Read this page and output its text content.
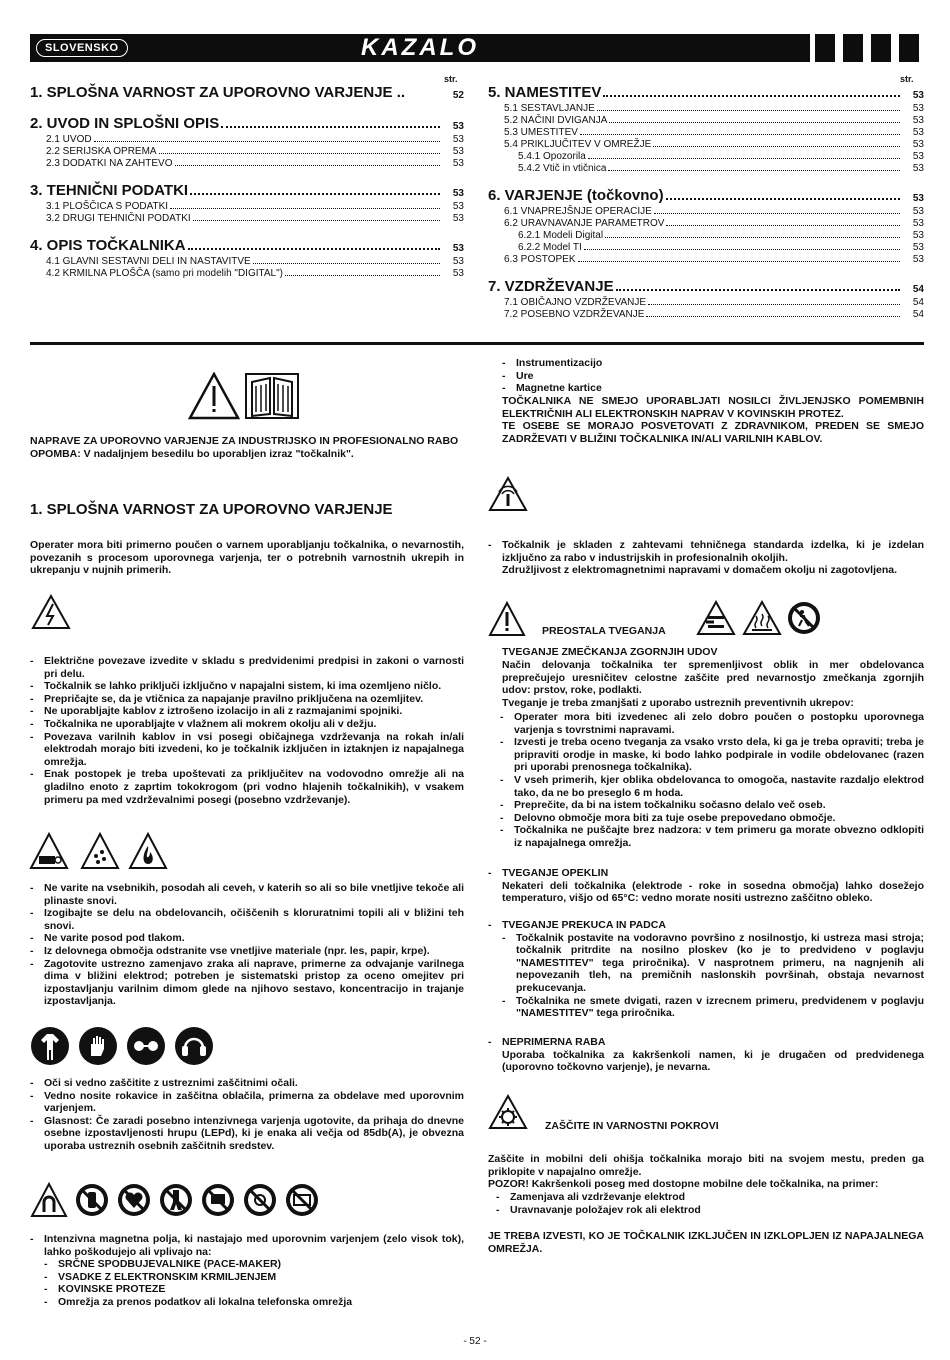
SLOVENSKO	KAZALO
str.	str.
1. SPLOŠNA VARNOST ZA UPOROVNO VARJENJE ..	52
2. UVOD IN SPLOŠNI OPIS	53
2.1 UVOD	53
2.2 SERIJSKA OPREMA	53
2.3 DODATKI NA ZAHTEVO	53
3. TEHNIČNI PODATKI	53
3.1 PLOŠČICA S PODATKI	53
3.2 DRUGI TEHNIČNI PODATKI	53
4. OPIS TOČKALNIKA	53
4.1 GLAVNI SESTAVNI DELI IN NASTAVITVE	53
4.2 KRMILNA PLOŠČA (samo pri modelih "DIGITAL")	53
5. NAMESTITEV	53
5.1 SESTAVLJANJE	53
5.2 NAČINI DVIGANJA	53
5.3 UMESTITEV	53
5.4 PRIKLJUČITEV V OMREŽJE	53
5.4.1 Opozorila	53
5.4.2 Vtič in vtičnica	53
6. VARJENJE (točkovno)	53
6.1 VNAPREJŠNJE OPERACIJE	53
6.2 URAVNAVANJE PARAMETROV	53
6.2.1 Modeli Digital	53
6.2.2 Model TI	53
6.3 POSTOPEK	53
7. VZDRŽEVANJE	54
7.1 OBIČAJNO VZDRŽEVANJE	54
7.2 POSEBNO VZDRŽEVANJE	54

NAPRAVE ZA UPOROVNO VARJENJE ZA INDUSTRIJSKO IN PROFESIONALNO RABO

OPOMBA: V nadaljnjem besedilu bo uporabljen izraz "točkalnik".

1. SPLOŠNA VARNOST ZA UPOROVNO VARJENJE

Operater mora biti primerno poučen o varnem uporabljanju točkalnika, o nevarnostih, povezanih s procesom uporovnega varjenja, ter o potrebnih varnostnih ukrepih in ukrepanju v nujnih primerih.

- Električne povezave izvedite v skladu s predvidenimi predpisi in zakoni o varnosti pri delu.
- Točkalnik se lahko priključi izključno v napajalni sistem, ki ima ozemljeno ničlo.
- Prepričajte se, da je vtičnica za napajanje pravilno priključena na ozemljitev.
- Ne uporabljajte kablov z iztrošeno izolacijo in ali z razmajanimi spojniki.
- Točkalnika ne uporabljajte v vlažnem ali mokrem okolju ali v dežju.
- Povezava varilnih kablov in vsi posegi običajnega vzdrževanja na rokah in/ali elektrodah morajo biti izvedeni, ko je točkalnik izključen in iztaknjen iz napajalnega omrežja.
- Enak postopek je treba upoštevati za priključitev na vodovodno omrežje ali na gladilno enoto z zaprtim tokokrogom (pri vodno hlajenih točkalnikih), v vsakem primeru pa med vzdrževalnimi posegi (posebno vzdrževanje).
- Ne varite na vsebnikih, posodah ali ceveh, v katerih so ali so bile vnetljive tekoče ali plinaste snovi.
- Izogibajte se delu na obdelovancih, očiščenih s kloruratnimi topili ali v bližini teh snovi.
- Ne varite posod pod tlakom.
- Iz delovnega območja odstranite vse vnetljive materiale (npr. les, papir, krpe).
- Zagotovite ustrezno zamenjavo zraka ali naprave, primerne za odvajanje varilnega dima v bližini elektrod; potreben je sistematski pristop za oceno omejitev pri izpostavljanju varilnim dimom glede na njihovo sestavo, koncentracijo in trajanje izpostavljanja.
- Oči si vedno zaščitite z ustreznimi zaščitnimi očali.
- Vedno nosite rokavice in zaščitna oblačila, primerna za obdelave med uporovnim varjenjem.
- Glasnost: Če zaradi posebno intenzivnega varjenja ugotovite, da prihaja do dnevne osebne izpostavljenosti hrupu (LEPd), ki je enaka ali večja od 85db(A), je obvezna uporaba ustreznih osebnih zaščitnih sredstev.
- Intenzivna magnetna polja, ki nastajajo med uporovnim varjenjem (zelo visok tok), lahko poškodujejo ali vplivajo na:
- SRČNE SPODBUJEVALNIKE (PACE-MAKER)
- VSADKE Z ELEKTRONSKIM KRMILJENJEM
- KOVINSKE PROTEZE
- Omrežja za prenos podatkov ali lokalna telefonska omrežja
- Instrumentizacijo
- Ure
- Magnetne kartice

TOČKALNIKA NE SMEJO UPORABLJATI NOSILCI ŽIVLJENJSKO POMEMBNIH ELEKTRIČNIH ALI ELEKTRONSKIH NAPRAV V KOVINSKIH PROTEZ.

TE OSEBE SE MORAJO POSVETOVATI Z ZDRAVNIKOM, PREDEN SE SMEJO ZADRŽEVATI V BLIŽINI TOČKALNIKA IN/ALI VARILNIH KABLOV.

- Točkalnik je skladen z zahtevami tehničnega standarda izdelka, ki je izdelan izključno za rabo v industrijskih in profesionalnih okoljih.
Združljivost z elektromagnetnimi napravami v domačem okolju ni zagotovljena.
PREOSTALA TVEGANJA
TVEGANJE ZMEČKANJA ZGORNJIH UDOV

Način delovanja točkalnika ter spremenljivost oblik in mer obdelovanca preprečujejo uresničitev celostne zaščite pred nevarnostjo zmečkanja zgornjih udov: prstov, roke, podlakti.

Tveganje je treba zmanjšati z uporabo ustreznih preventivnih ukrepov:

- Operater mora biti izvedenec ali zelo dobro poučen o postopku uporovnega varjenja s tovrstnimi napravami.
- Izvesti je treba oceno tveganja za vsako vrsto dela, ki ga je treba opraviti; treba je pripraviti orodje in maske, ki bodo lahko podpirale in vodile obdelovanec (razen pri uporabi prenosnega točkalnika).
- V vseh primerih, kjer oblika obdelovanca to omogoča, nastavite razdaljo elektrod tako, da ne bo preseglo 6 m hoda.
- Preprečite, da bi na istem točkalniku sočasno delalo več oseb.
- Delovno območje mora biti za tuje osebe prepovedano območje.
- Točkalnika ne puščajte brez nadzora: v tem primeru ga morate obvezno odklopiti iz napajalnega omrežja.
- TVEGANJE OPEKLIN
Nekateri deli točkalnika (elektrode - roke in sosedna območja) lahko dosežejo temperaturo, višjo od 65°C: vedno morate nositi ustrezno zaščitno obleko.
- TVEGANJE PREKUCA IN PADCA
- Točkalnik postavite na vodoravno površino z nosilnostjo, ki ustreza masi stroja; točkalnik pritrdite na nosilno ploskev (ko je to predvideno v poglavju "NAMESTITEV" tega priročnika). V nasprotnem primeru, na nagnjenih ali nepovezanih tleh, na premičnih naslonskih površinah, obstaja nevarnost prekucevanja.
- Točkalnika ne smete dvigati, razen v izrecnem primeru, predvidenem v poglavju "NAMESTITEV" tega priročnika.
- NEPRIMERNA RABA
Uporaba točkalnika za kakršenkoli namen, ki je drugačen od predvidenega (uporovno točkovno varjenje), je nevarna.
ZAŠČITE IN VARNOSTNI POKROVI

Zaščite in mobilni deli ohišja točkalnika morajo biti na svojem mestu, preden ga priklopite v napajalno omrežje.

POZOR! Kakršenkoli poseg med dostopne mobilne dele točkalnika, na primer:

- Zamenjava ali vzdrževanje elektrod
- Uravnavanje položajev rok ali elektrod

JE TREBA IZVESTI, KO JE TOČKALNIK IZKLJUČEN IN IZKLOPLJEN IZ NAPAJALNEGA OMREŽJA.

- 52 -
